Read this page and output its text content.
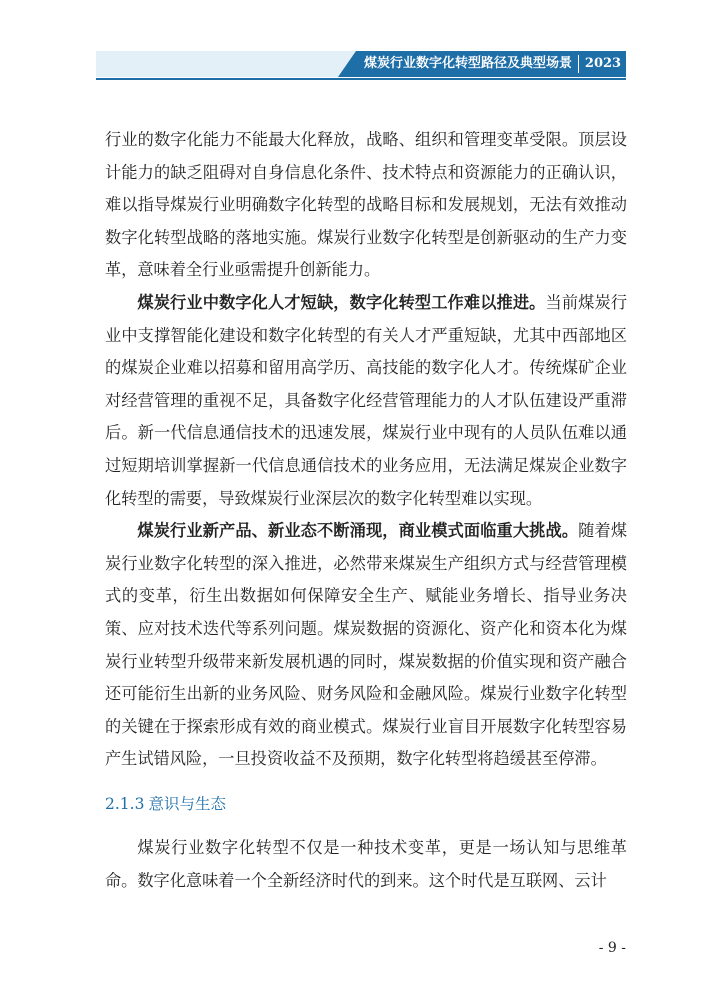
煤炭行业数字化转型路径及典型场景 2023

行业的数字化能力不能最大化释放，战略、组织和管理变革受限。顶层设计能力的缺乏阻碍对自身信息化条件、技术特点和资源能力的正确认识，难以指导煤炭行业明确数字化转型的战略目标和发展规划，无法有效推动数字化转型战略的落地实施。煤炭行业数字化转型是创新驱动的生产力变革，意味着全行业亟需提升创新能力。

煤炭行业中数字化人才短缺，数字化转型工作难以推进。当前煤炭行业中支撑智能化建设和数字化转型的有关人才严重短缺，尤其中西部地区的煤炭企业难以招募和留用高学历、高技能的数字化人才。传统煤矿企业对经营管理的重视不足，具备数字化经营管理能力的人才队伍建设严重滞后。新一代信息通信技术的迅速发展，煤炭行业中现有的人员队伍难以通过短期培训掌握新一代信息通信技术的业务应用，无法满足煤炭企业数字化转型的需要，导致煤炭行业深层次的数字化转型难以实现。

煤炭行业新产品、新业态不断涌现，商业模式面临重大挑战。随着煤炭行业数字化转型的深入推进，必然带来煤炭生产组织方式与经营管理模式的变革，衍生出数据如何保障安全生产、赋能业务增长、指导业务决策、应对技术迭代等系列问题。煤炭数据的资源化、资产化和资本化为煤炭行业转型升级带来新发展机遇的同时，煤炭数据的价值实现和资产融合还可能衍生出新的业务风险、财务风险和金融风险。煤炭行业数字化转型的关键在于探索形成有效的商业模式。煤炭行业盲目开展数字化转型容易产生试错风险，一旦投资收益不及预期，数字化转型将趋缓甚至停滞。

2.1.3 意识与生态

煤炭行业数字化转型不仅是一种技术变革，更是一场认知与思维革命。数字化意味着一个全新经济时代的到来。这个时代是互联网、云计

- 9 -
